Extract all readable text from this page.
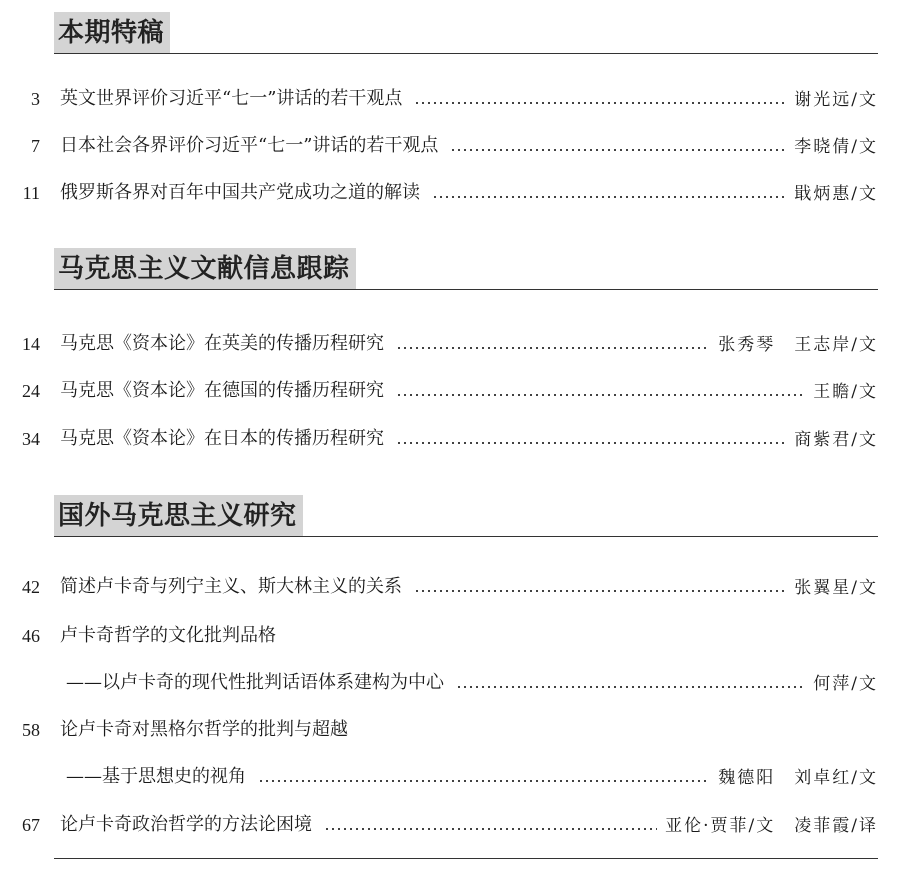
本期特稿
3	英文世界评价习近平“七一”讲话的若干观点	谢光远/文
7	日本社会各界评价习近平“七一”讲话的若干观点	李晓倩/文
11	俄罗斯各界对百年中国共产党成功之道的解读	戢炳惠/文
马克思主义文献信息跟踪
14	马克思《资本论》在英美的传播历程研究	张秀琴　王志岸/文
24	马克思《资本论》在德国的传播历程研究	王瞻/文
34	马克思《资本论》在日本的传播历程研究	商紫君/文
国外马克思主义研究
42	简述卢卡奇与列宁主义、斯大林主义的关系	张翼星/文
46	卢卡奇哲学的文化批判品格
——以卢卡奇的现代性批判话语体系建构为中心	何萍/文
58	论卢卡奇对黑格尔哲学的批判与超越
——基于思想史的视角	魏德阳　刘卓红/文
67	论卢卡奇政治哲学的方法论困境	亚伦·贾菲/文　凌菲霞/译
